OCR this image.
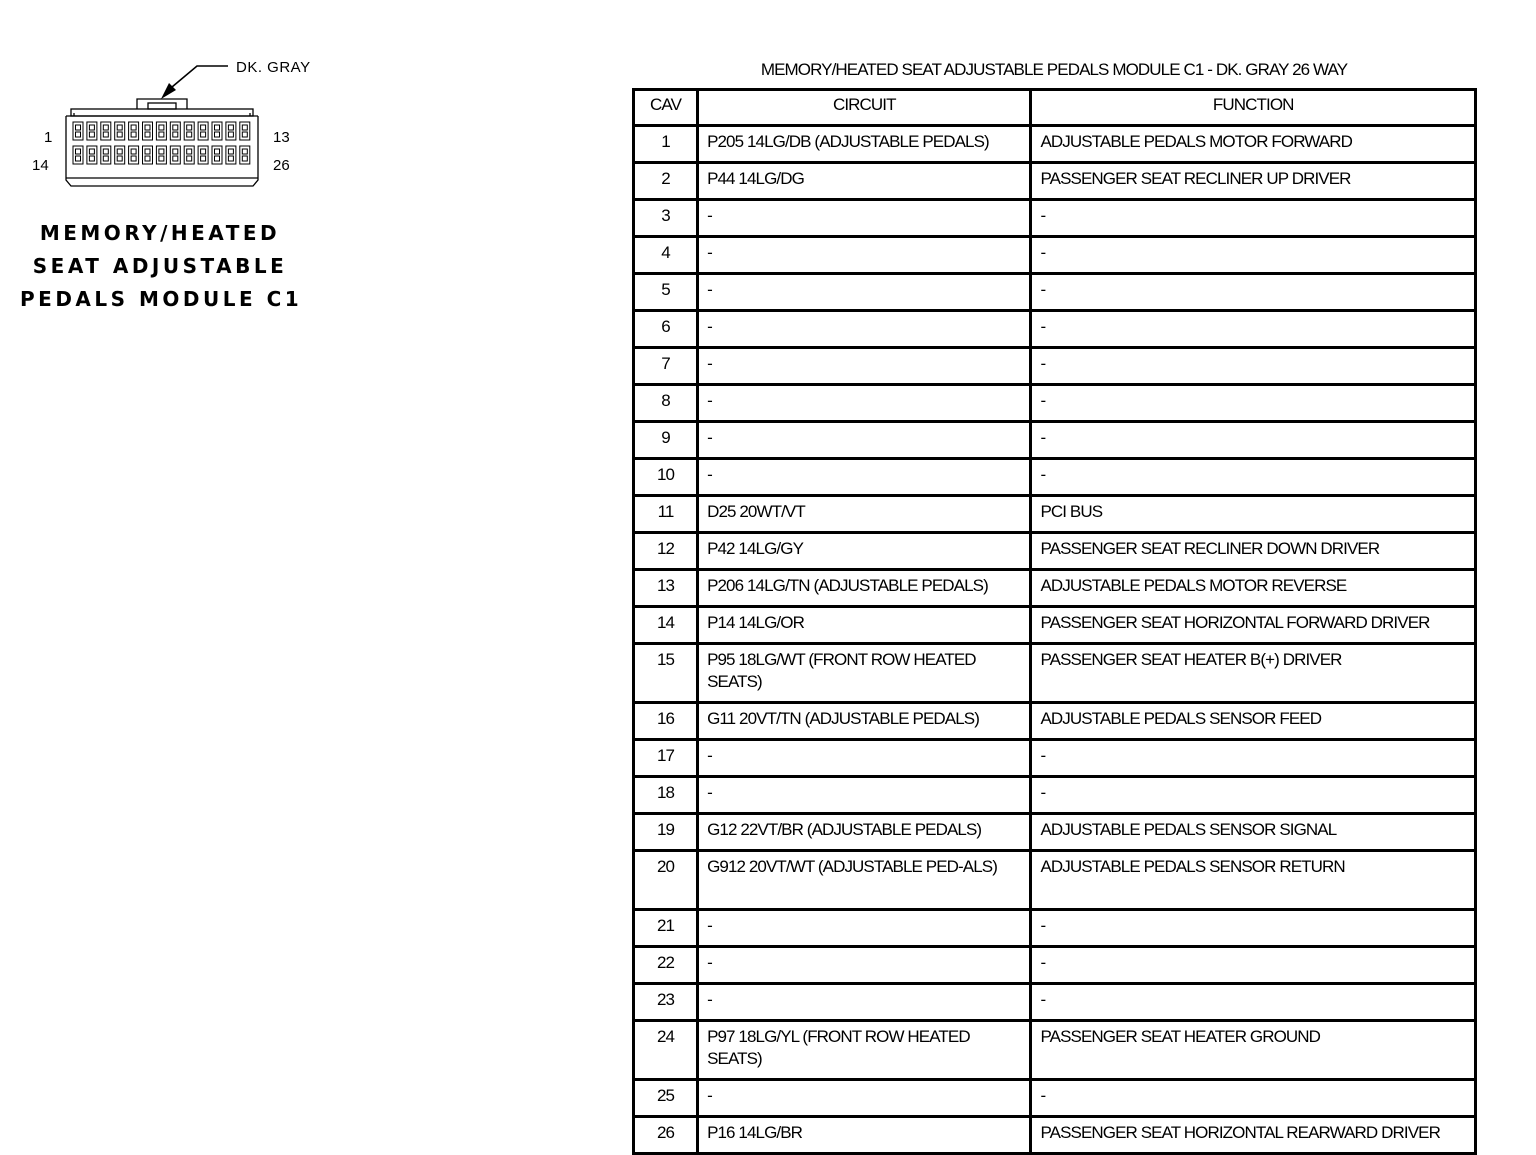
DK. GRAY
1	13
14	26
MEMORY/HEATED
SEAT ADJUSTABLE
PEDALS MODULE C1
MEMORY/HEATED SEAT ADJUSTABLE PEDALS MODULE C1 - DK. GRAY 26 WAY
CAV	CIRCUIT	FUNCTION
1	P205 14LG/DB (ADJUSTABLE PEDALS)	ADJUSTABLE PEDALS MOTOR FORWARD
2	P44 14LG/DG	PASSENGER SEAT RECLINER UP DRIVER
3	-	-
4	-	-
5	-	-
6	-	-
7	-	-
8	-	-
9	-	-
10	-	-
11	D25 20WT/VT	PCI BUS
12	P42 14LG/GY	PASSENGER SEAT RECLINER DOWN DRIVER
13	P206 14LG/TN (ADJUSTABLE PEDALS)	ADJUSTABLE PEDALS MOTOR REVERSE
14	P14 14LG/OR	PASSENGER SEAT HORIZONTAL FORWARD DRIVER
15	P95 18LG/WT (FRONT ROW HEATED SEATS)	PASSENGER SEAT HEATER B(+) DRIVER
16	G11 20VT/TN (ADJUSTABLE PEDALS)	ADJUSTABLE PEDALS SENSOR FEED
17	-	-
18	-	-
19	G12 22VT/BR (ADJUSTABLE PEDALS)	ADJUSTABLE PEDALS SENSOR SIGNAL
20	G912 20VT/WT (ADJUSTABLE PED-ALS)	ADJUSTABLE PEDALS SENSOR RETURN
21	-	-
22	-	-
23	-	-
24	P97 18LG/YL (FRONT ROW HEATED SEATS)	PASSENGER SEAT HEATER GROUND
25	-	-
26	P16 14LG/BR	PASSENGER SEAT HORIZONTAL REARWARD DRIVER
